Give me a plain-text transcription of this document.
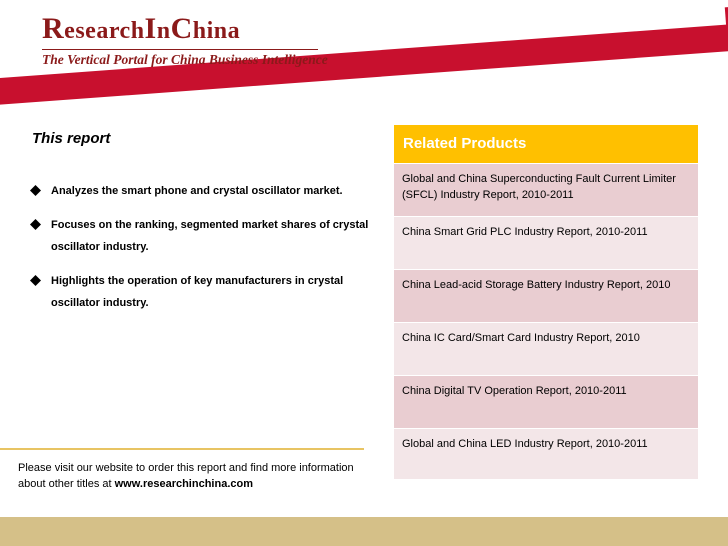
ResearchInChina
The Vertical Portal for China Business Intelligence
This report
Analyzes the smart phone and crystal oscillator market.
Focuses on the ranking, segmented market shares of crystal oscillator industry.
Highlights the operation of key manufacturers in crystal oscillator industry.
Please visit our website to order this report and find more information about other titles at www.researchinchina.com
Related Products
Global and China Superconducting Fault Current Limiter (SFCL) Industry Report, 2010-2011
China Smart Grid PLC Industry Report, 2010-2011
China Lead-acid Storage Battery Industry Report, 2010
China IC Card/Smart Card Industry Report, 2010
China Digital TV Operation Report, 2010-2011
Global and China LED Industry Report, 2010-2011
